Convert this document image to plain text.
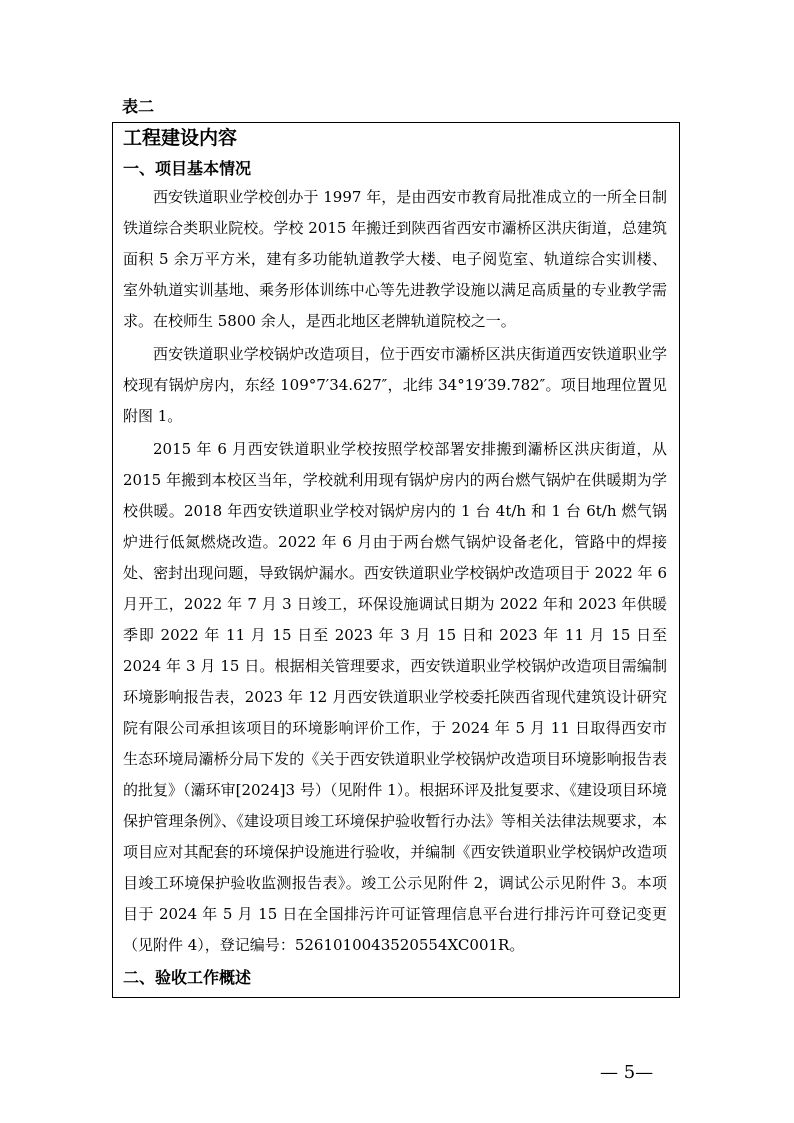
表二
工程建设内容
一、项目基本情况

西安铁道职业学校创办于 1997 年，是由西安市教育局批准成立的一所全日制铁道综合类职业院校。学校 2015 年搬迁到陕西省西安市灞桥区洪庆街道，总建筑面积 5 余万平方米，建有多功能轨道教学大楼、电子阅览室、轨道综合实训楼、室外轨道实训基地、乘务形体训练中心等先进教学设施以满足高质量的专业教学需求。在校师生 5800 余人，是西北地区老牌轨道院校之一。

西安铁道职业学校锅炉改造项目，位于西安市灞桥区洪庆街道西安铁道职业学校现有锅炉房内，东经 109°7′34.627″，北纬 34°19′39.782″。项目地理位置见附图 1。

2015 年 6 月西安铁道职业学校按照学校部署安排搬到灞桥区洪庆街道，从 2015 年搬到本校区当年，学校就利用现有锅炉房内的两台燃气锅炉在供暖期为学校供暖。2018 年西安铁道职业学校对锅炉房内的 1 台 4t/h 和 1 台 6t/h 燃气锅炉进行低氮燃烧改造。2022 年 6 月由于两台燃气锅炉设备老化，管路中的焊接处、密封出现问题，导致锅炉漏水。西安铁道职业学校锅炉改造项目于 2022 年 6 月开工，2022 年 7 月 3 日竣工，环保设施调试日期为 2022 年和 2023 年供暖季即 2022 年 11 月 15 日至 2023 年 3 月 15 日和 2023 年 11 月 15 日至 2024 年 3 月 15 日。根据相关管理要求，西安铁道职业学校锅炉改造项目需编制环境影响报告表，2023 年 12 月西安铁道职业学校委托陕西省现代建筑设计研究院有限公司承担该项目的环境影响评价工作，于 2024 年 5 月 11 日取得西安市生态环境局灞桥分局下发的《关于西安铁道职业学校锅炉改造项目环境影响报告表的批复》（灞环审[2024]3 号）（见附件 1）。根据环评及批复要求、《建设项目环境保护管理条例》、《建设项目竣工环境保护验收暂行办法》等相关法律法规要求，本项目应对其配套的环境保护设施进行验收，并编制《西安铁道职业学校锅炉改造项目竣工环境保护验收监测报告表》。竣工公示见附件 2，调试公示见附件 3。本项目于 2024 年 5 月 15 日在全国排污许可证管理信息平台进行排污许可登记变更（见附件 4），登记编号：5261010043520554XC001R。

二、验收工作概述
— 5—
